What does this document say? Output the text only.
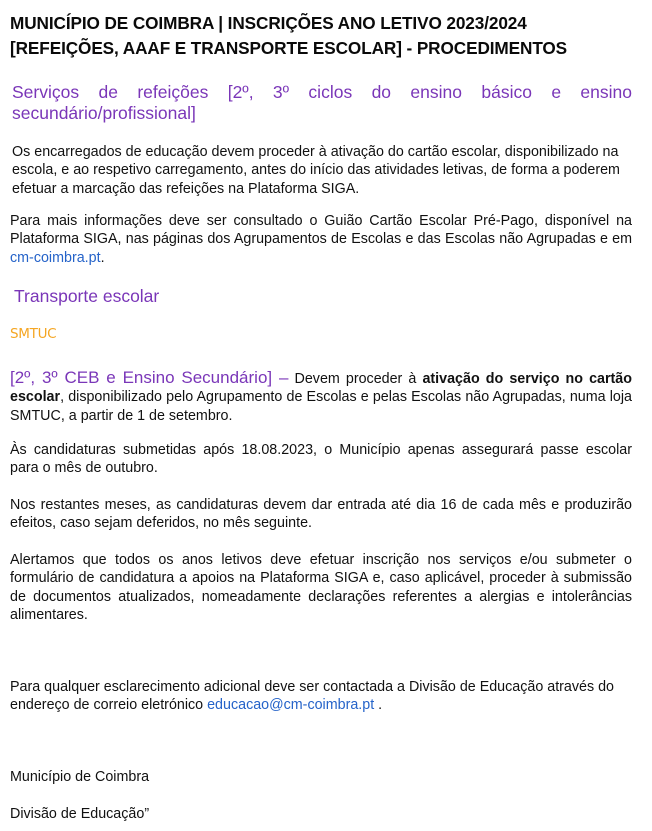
MUNICÍPIO DE COIMBRA | INSCRIÇÕES ANO LETIVO 2023/2024
[REFEIÇÕES, AAAF E TRANSPORTE ESCOLAR] - PROCEDIMENTOS
Serviços de refeições [2º, 3º ciclos do ensino básico e ensino secundário/profissional]
Os encarregados de educação devem proceder à ativação do cartão escolar, disponibilizado na escola, e ao respetivo carregamento, antes do início das atividades letivas, de forma a poderem efetuar a marcação das refeições na Plataforma SIGA.
Para mais informações deve ser consultado o Guião Cartão Escolar Pré-Pago, disponível na Plataforma SIGA, nas páginas dos Agrupamentos de Escolas e das Escolas não Agrupadas e em cm-coimbra.pt.
Transporte escolar
SMTUC
[2º, 3º CEB e Ensino Secundário] – Devem proceder à ativação do serviço no cartão escolar, disponibilizado pelo Agrupamento de Escolas e pelas Escolas não Agrupadas, numa loja SMTUC, a partir de 1 de setembro.
Às candidaturas submetidas após 18.08.2023, o Município apenas assegurará passe escolar para o mês de outubro.
Nos restantes meses, as candidaturas devem dar entrada até dia 16 de cada mês e produzirão efeitos, caso sejam deferidos, no mês seguinte.
Alertamos que todos os anos letivos deve efetuar inscrição nos serviços e/ou submeter o formulário de candidatura a apoios na Plataforma SIGA e, caso aplicável, proceder à submissão de documentos atualizados, nomeadamente declarações referentes a alergias e intolerâncias alimentares.
Para qualquer esclarecimento adicional deve ser contactada a Divisão de Educação através do endereço de correio eletrónico educacao@cm-coimbra.pt .
Município de Coimbra
Divisão de Educação”
